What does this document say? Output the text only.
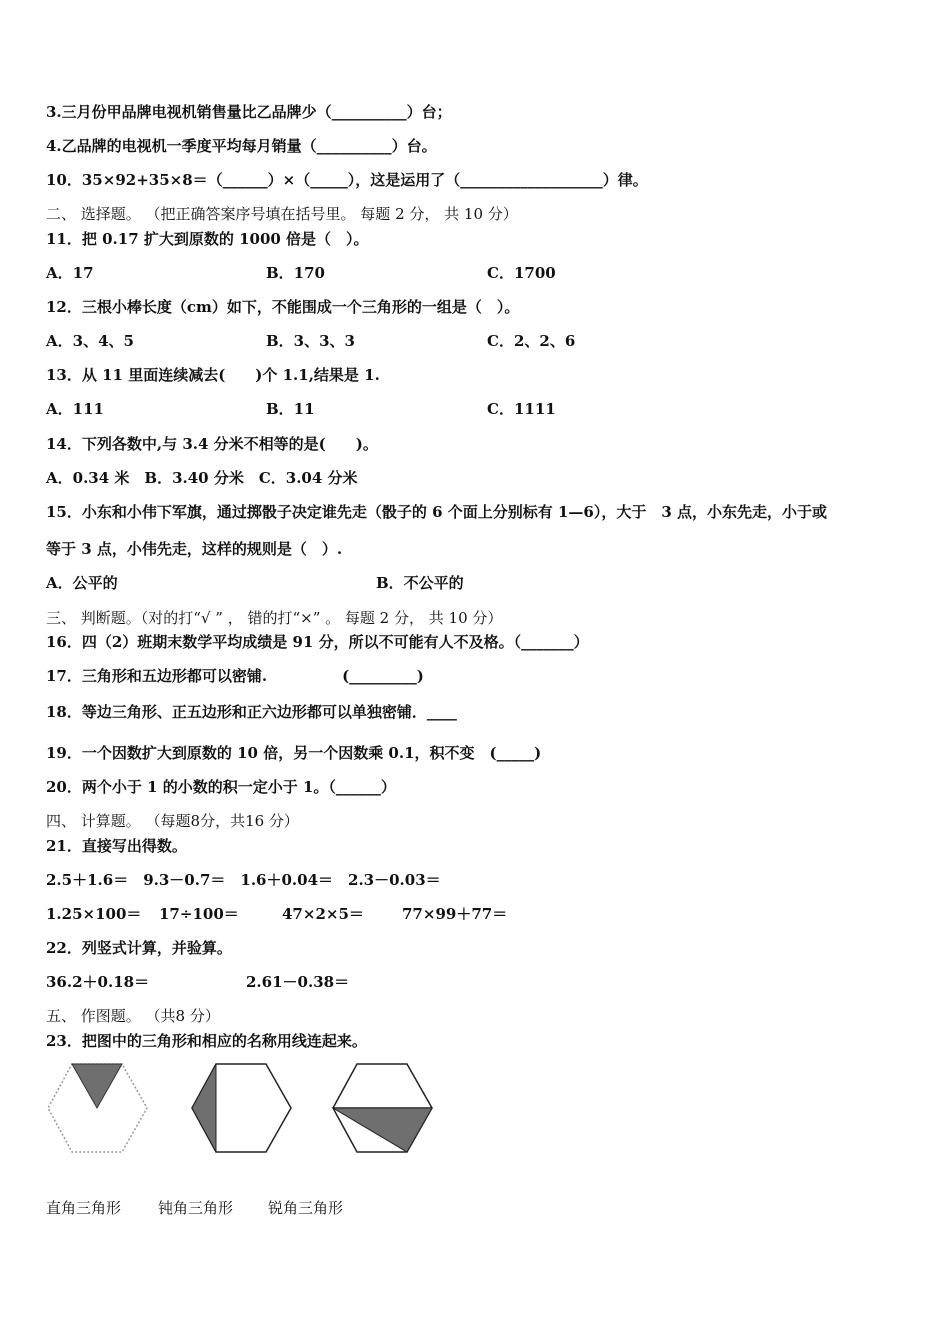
3.三月份甲品牌电视机销售量比乙品牌少（__________）台；
4.乙品牌的电视机一季度平均每月销量（__________）台。
10．35×92+35×8＝（______）×（_____），这是运用了（___________________）律。
二、 选择题。 （把正确答案序号填在括号里。 每题 2 分， 共 10 分）
11．把 0.17 扩大到原数的 1000 倍是（　）。
A．17	B．170	C．1700
12．三根小棒长度（cm）如下，不能围成一个三角形的一组是（　）。
A．3、4、5	B．3、3、3	C．2、2、6
13．从 11 里面连续减去(　　)个 1.1,结果是 1.
A．111	B．11	C．1111
14．下列各数中,与 3.4 分米不相等的是(　　)。
A．0.34 米　B．3.40 分米　C．3.04 分米
15．小东和小伟下军旗，通过掷骰子决定谁先走（骰子的 6 个面上分别标有 1—6），大于　3 点，小东先走，小于或
等于 3 点，小伟先走，这样的规则是（　）.
A．公平的	B．不公平的
三、 判断题。（对的打“√ ” ， 错的打“×” 。 每题 2 分， 共 10 分）
16．四（2）班期末数学平均成绩是 91 分，所以不可能有人不及格。（_______）
17．三角形和五边形都可以密铺.　　　　　(_________)
18．等边三角形、正五边形和正六边形都可以单独密铺．____
19．一个因数扩大到原数的 10 倍，另一个因数乘 0.1，积不变　(_____)
20．两个小于 1 的小数的积一定小于 1。（______）
四、 计算题。 （每题8分，共16 分）
21．直接写出得数。
2.5＋1.6＝　9.3－0.7＝　1.6＋0.04＝　2.3－0.03＝
1.25×100＝ 17÷100＝	47×2×5＝	77×99＋77＝
22．列竖式计算，并验算。
36.2＋0.18＝	2.61－0.38＝
五、 作图题。 （共8 分）
23．把图中的三角形和相应的名称用线连起来。
直角三角形 钝角三角形 锐角三角形
